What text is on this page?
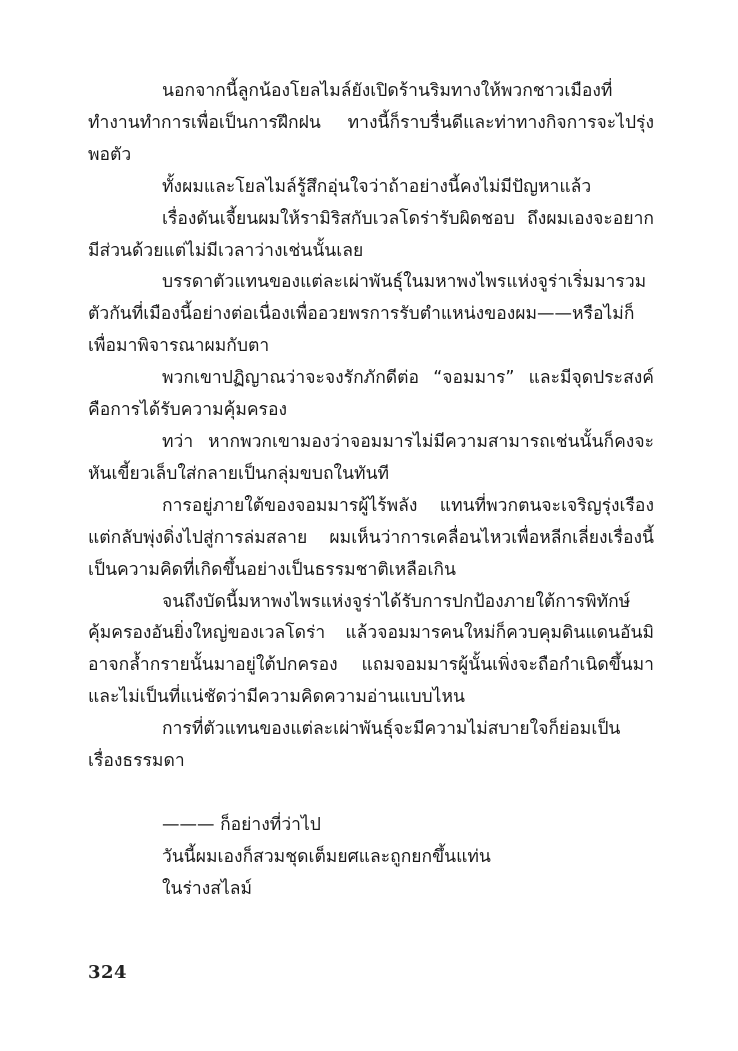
นอกจากนี้ลูกน้องโยลไมล์ยังเปิดร้านริมทางให้พวกชาวเมืองที่ทำงานทำการเพื่อเป็นการฝึกฝน ทางนี้ก็ราบรื่นดีและท่าทางกิจการจะไปรุ่งพอตัว

ทั้งผมและโยลไมล์รู้สึกอุ่นใจว่าถ้าอย่างนี้คงไม่มีปัญหาแล้ว

เรื่องดันเจี้ยนผมให้รามิริสกับเวลโดร่ารับผิดชอบ ถึงผมเองจะอยากมีส่วนด้วยแต่ไม่มีเวลาว่างเช่นนั้นเลย

บรรดาตัวแทนของแต่ละเผ่าพันธุ์ในมหาพงไพรแห่งจูร่าเริ่มมารวมตัวกันที่เมืองนี้อย่างต่อเนื่องเพื่ออวยพรการรับตำแหน่งของผม——หรือไม่ก็เพื่อมาพิจารณาผมกับตา

พวกเขาปฏิญาณว่าจะจงรักภักดีต่อ “จอมมาร” และมีจุดประสงค์คือการได้รับความคุ้มครอง

ทว่า หากพวกเขามองว่าจอมมารไม่มีความสามารถเช่นนั้นก็คงจะหันเขี้ยวเล็บใส่กลายเป็นกลุ่มขบถในทันที

การอยู่ภายใต้ของจอมมารผู้ไร้พลัง แทนที่พวกตนจะเจริญรุ่งเรืองแต่กลับพุ่งดิ่งไปสู่การล่มสลาย ผมเห็นว่าการเคลื่อนไหวเพื่อหลีกเลี่ยงเรื่องนี้เป็นความคิดที่เกิดขึ้นอย่างเป็นธรรมชาติเหลือเกิน

จนถึงบัดนี้มหาพงไพรแห่งจูร่าได้รับการปกป้องภายใต้การพิทักษ์คุ้มครองอันยิ่งใหญ่ของเวลโดร่า แล้วจอมมารคนใหม่ก็ควบคุมดินแดนอันมิอาจกล้ำกรายนั้นมาอยู่ใต้ปกครอง แถมจอมมารผู้นั้นเพิ่งจะถือกำเนิดขึ้นมา และไม่เป็นที่แน่ชัดว่ามีความคิดความอ่านแบบไหน

การที่ตัวแทนของแต่ละเผ่าพันธุ์จะมีความไม่สบายใจก็ย่อมเป็นเรื่องธรรมดา

——— ก็อย่างที่ว่าไป

วันนี้ผมเองก็สวมชุดเต็มยศและถูกยกขึ้นแท่น

ในร่างสไลม์

324
